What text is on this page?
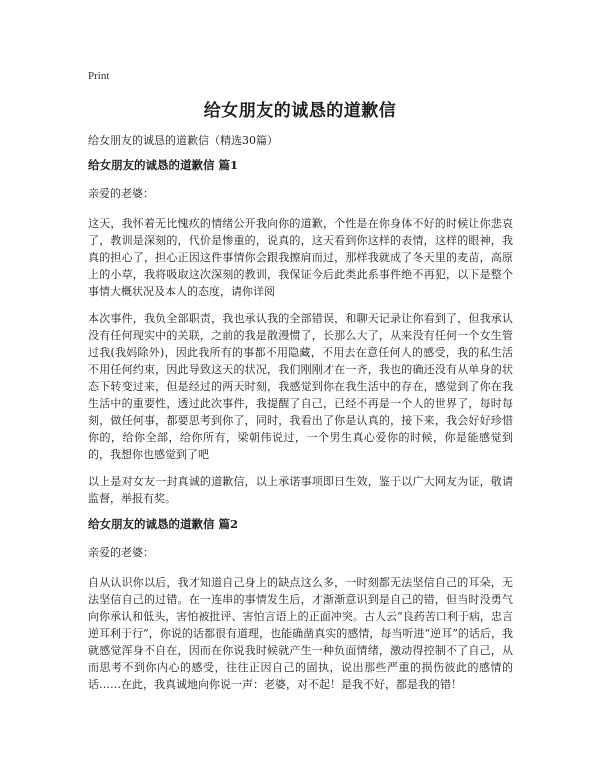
Print
给女朋友的诚恳的道歉信

给女朋友的诚恳的道歉信（精选30篇）

给女朋友的诚恳的道歉信 篇1

亲爱的老婆：

这天，我怀着无比愧疚的情绪公开我向你的道歉，个性是在你身体不好的时候让你悲哀了，教训是深刻的，代价是惨重的，说真的，这天看到你这样的表情，这样的眼神，我真的担心了，担心正因这件事情你会跟我擦肩而过，那样我就成了冬天里的麦苗，高原上的小草，我将吸取这次深刻的教训，我保证今后此类此系事件绝不再犯，以下是整个事情大概状况及本人的态度，请你详阅

本次事件，我负全部职责，我也承认我的全部错误，和聊天记录让你看到了，但我承认没有任何现实中的关联，之前的我是散漫惯了，长那么大了，从来没有任何一个女生管过我(我妈除外)，因此我所有的事都不用隐藏，不用去在意任何人的感受，我的私生活不用任何约束，因此导致这天的状况，我们刚刚才在一齐，我也的确还没有从单身的状态下转变过来，但是经过的两天时刻，我感觉到你在我生活中的存在，感觉到了你在我生活中的重要性，透过此次事件，我提醒了自己，已经不再是一个人的世界了，每时每刻，做任何事，都要思考到你了，同时，我看出了你是认真的，接下来，我会好好珍惜你的，给你全部，给你所有，梁朝伟说过，一个男生真心爱你的时候，你是能感觉到的，我想你也感觉到了吧

以上是对女友一封真诚的道歉信，以上承诺事项即日生效，鉴于以广大网友为证，敬请监督，举报有奖。

给女朋友的诚恳的道歉信 篇2

亲爱的老婆：

自从认识你以后，我才知道自己身上的缺点这么多，一时刻都无法坚信自己的耳朵，无法坚信自己的过错。在一连串的事情发生后，才渐渐意识到是自己的错，但当时没勇气向你承认和低头，害怕被批评、害怕言语上的正面冲突。古人云“良药苦口利于病，忠言逆耳利于行”，你说的话都很有道理，也能确凿真实的感情，每当听进“逆耳”的话后，我就感觉浑身不自在，因而在你说我时候就产生一种负面情绪，激动得控制不了自己，从而思考不到你内心的感受，往往正因自己的固执，说出那些严重的损伤彼此的感情的话……在此，我真诚地向你说一声：老婆，对不起！是我不好，都是我的错！
